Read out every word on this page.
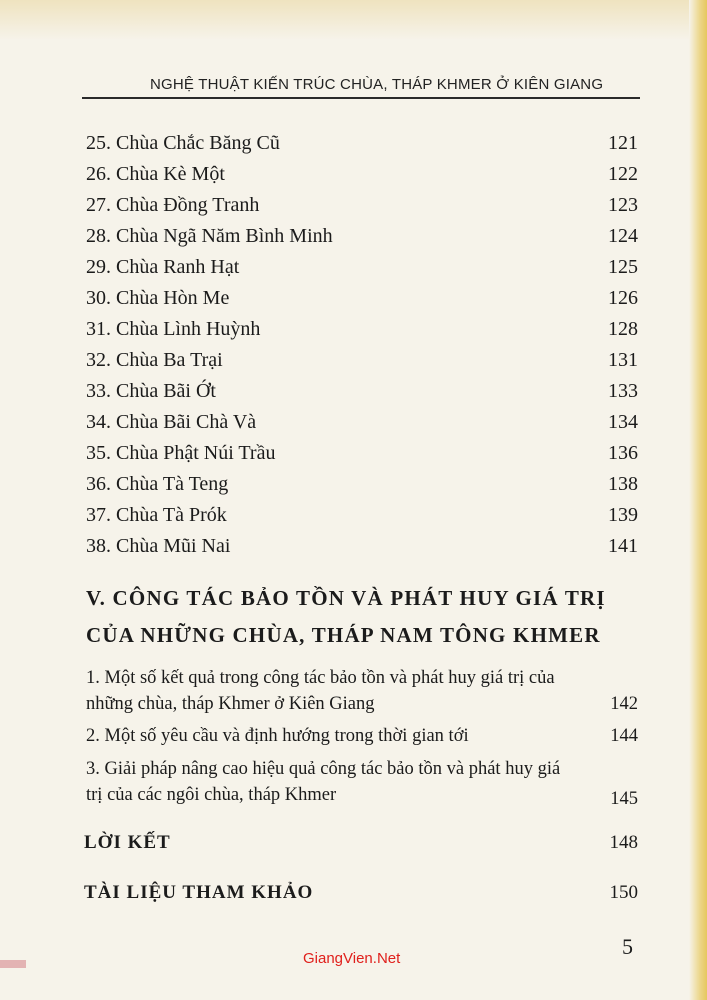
NGHỆ THUẬT KIẾN TRÚC CHÙA, THÁP KHMER Ở KIÊN GIANG
25. Chùa Chắc Băng Cũ	121
26. Chùa Kè Một	122
27. Chùa Đồng Tranh	123
28. Chùa Ngã Năm Bình Minh	124
29. Chùa Ranh Hạt	125
30. Chùa Hòn Me	126
31. Chùa Lình Huỳnh	128
32. Chùa Ba Trại	131
33. Chùa Bãi Ớt	133
34. Chùa Bãi Chà Và	134
35. Chùa Phật Núi Trầu	136
36. Chùa Tà Teng	138
37. Chùa Tà Prók	139
38. Chùa Mũi Nai	141
V. CÔNG TÁC BẢO TỒN VÀ PHÁT HUY GIÁ TRỊ
CỦA NHỮNG CHÙA, THÁP NAM TÔNG KHMER
1. Một số kết quả trong công tác bảo tồn và phát huy giá trị của
những chùa, tháp Khmer ở Kiên Giang	142
2. Một số yêu cầu và định hướng trong thời gian tới	144
3. Giải pháp nâng cao hiệu quả công tác bảo tồn và phát huy giá
trị của các ngôi chùa, tháp Khmer	145
LỜI KẾT	148
TÀI LIỆU THAM KHẢO	150
5
GiangVien.Net
